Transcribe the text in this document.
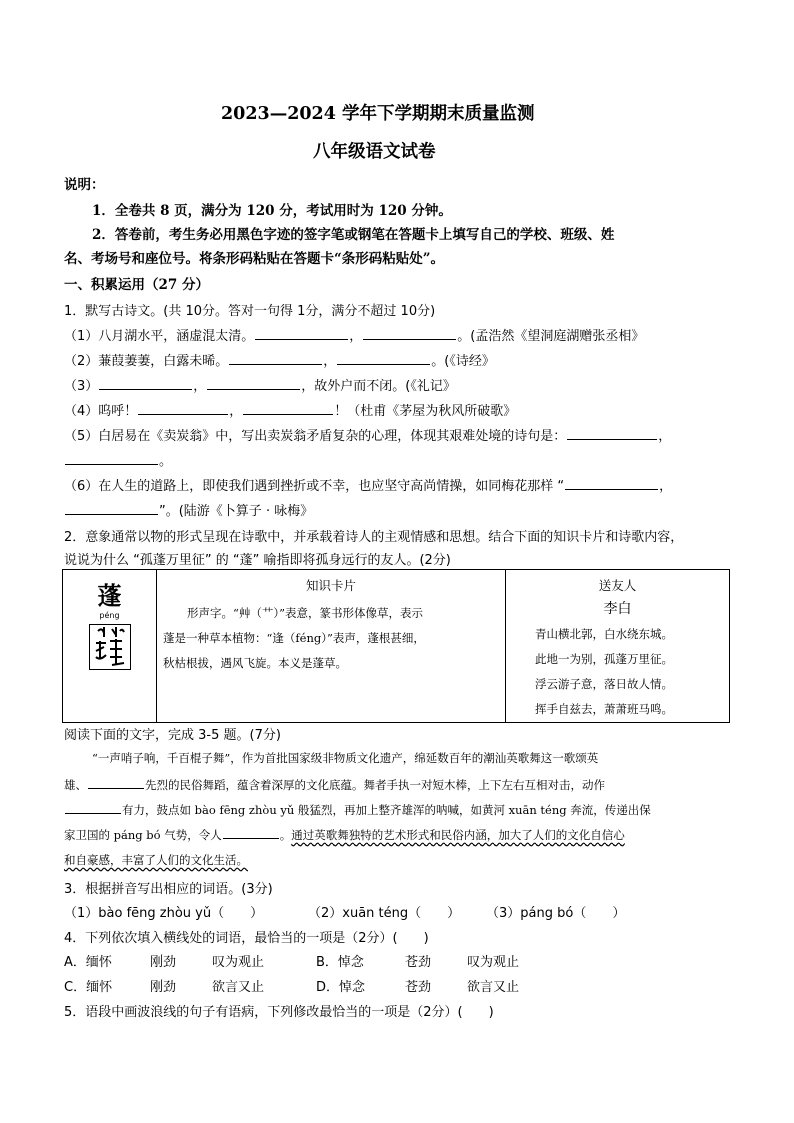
2023—2024 学年下学期期末质量监测
八年级语文试卷
说明：
1．全卷共 8 页，满分为 120 分，考试用时为 120 分钟。
2．答卷前，考生务必用黑色字迹的签字笔或钢笔在答题卡上填写自己的学校、班级、姓
名、考场号和座位号。将条形码粘贴在答题卡“条形码粘贴处”。
一、积累运用（27 分）
1．默写古诗文。(共 10分。答对一句得 1分，满分不超过 10分)
（1）八月湖水平，涵虚混太清。	，	。(孟浩然《望洞庭湖赠张丞相》
（2）蒹葭萋萋，白露未晞。	，	。(《诗经》
（3）	，	，故外户而不闭。(《礼记》
（4）呜呼！	，	！（杜甫《茅屋为秋风所破歌》
（5）白居易在《卖炭翁》中，写出卖炭翁矛盾复杂的心理，体现其艰难处境的诗句是：	，
。
（6）在人生的道路上，即使我们遇到挫折或不幸，也应坚守高尚情操，如同梅花那样 “	，
”。(陆游《卜算子 · 咏梅》
2．意象通常以物的形式呈现在诗歌中，并承载着诗人的主观情感和思想。结合下面的知识卡片和诗歌内容，
说说为什么 “孤蓬万里征” 的 “蓬” 喻指即将孤身远行的友人。(2分)
蓬
péng

知识卡片
形声字。“艸（艹）”表意，篆书形体像草，表示
蓬是一种草本植物：“逢（féng）”表声，蓬根甚细，
秋枯根拔，遇风飞旋。本义是蓬草。

送友人
李白
青山横北郭，白水绕东城。
此地一为别，孤蓬万里征。
浮云游子意，落日故人情。
挥手自兹去，萧萧班马鸣。
阅读下面的文字，完成 3-5 题。(7分)
“一声哨子响，千百棍子舞”，作为首批国家级非物质文化遗产，绵延数百年的潮汕英歌舞这一歌颂英
雄、	先烈的民俗舞蹈，蕴含着深厚的文化底蕴。舞者手执一对短木棒，上下左右互相对击，动作
有力，鼓点如 bào fēng zhòu yǔ 般猛烈，再加上整齐雄浑的呐喊，如黄河 xuān téng 奔流，传递出保
家卫国的 páng bó 气势，令人	。通过英歌舞独特的艺术形式和民俗内涵，加大了人们的文化自信心
和自豪感，丰富了人们的文化生活。
3．根据拼音写出相应的词语。(3分)
（1）bào fēng zhòu yǔ（　　）	（2）xuān téng（　　） （3）páng bó（　　）
4．下列依次填入横线处的词语，最恰当的一项是（2分）(　　)
A．缅怀	刚劲	叹为观止	B．悼念	苍劲	叹为观止
C．缅怀	刚劲	欲言又止	D．悼念	苍劲	欲言又止
5．语段中画波浪线的句子有语病，下列修改最恰当的一项是（2分）(　　)
